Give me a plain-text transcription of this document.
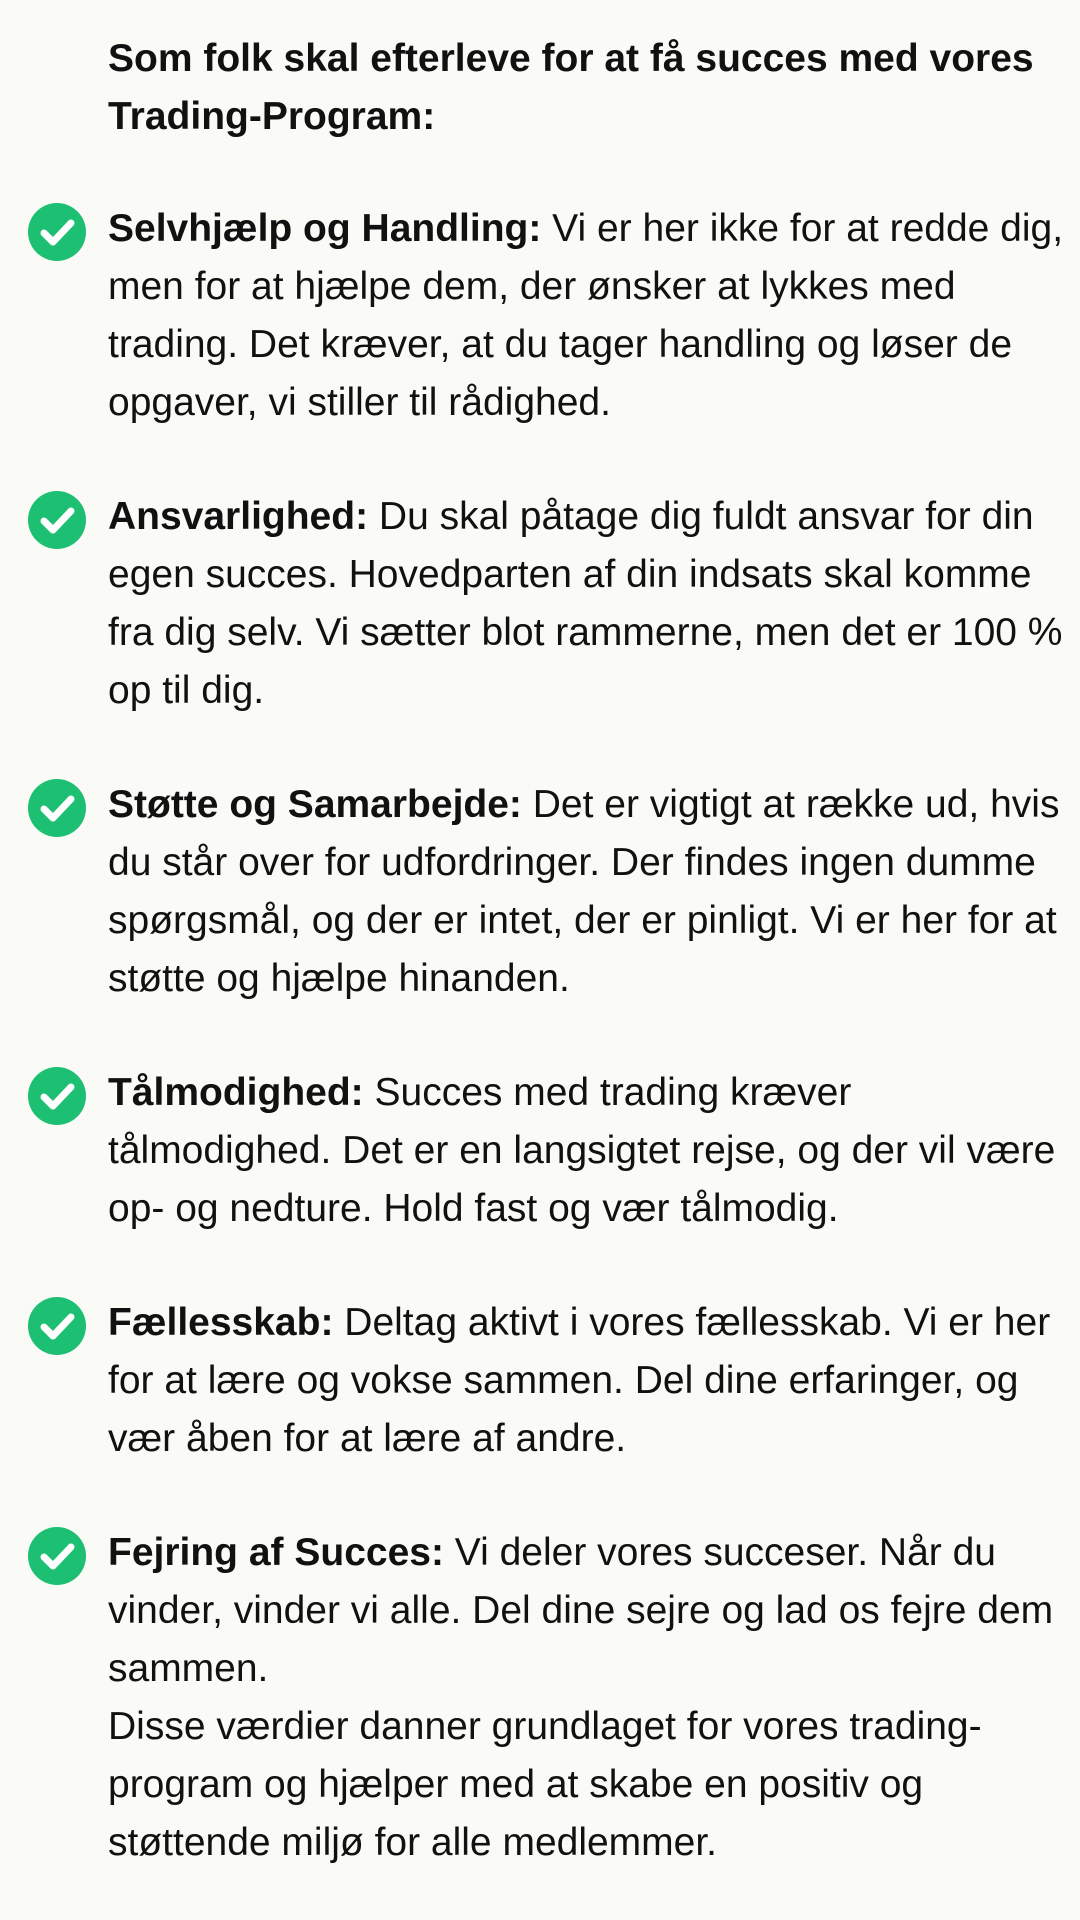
Som folk skal efterleve for at få succes med vores Trading-Program:

Selvhjælp og Handling: Vi er her ikke for at redde dig, men for at hjælpe dem, der ønsker at lykkes med trading. Det kræver, at du tager handling og løser de opgaver, vi stiller til rådighed.

Ansvarlighed: Du skal påtage dig fuldt ansvar for din egen succes. Hovedparten af din indsats skal komme fra dig selv. Vi sætter blot rammerne, men det er 100 % op til dig.

Støtte og Samarbejde: Det er vigtigt at række ud, hvis du står over for udfordringer. Der findes ingen dumme spørgsmål, og der er intet, der er pinligt. Vi er her for at støtte og hjælpe hinanden.

Tålmodighed: Succes med trading kræver tålmodighed. Det er en langsigtet rejse, og der vil være op- og nedture. Hold fast og vær tålmodig.

Fællesskab: Deltag aktivt i vores fællesskab. Vi er her for at lære og vokse sammen. Del dine erfaringer, og vær åben for at lære af andre.

Fejring af Succes: Vi deler vores succeser. Når du vinder, vinder vi alle. Del dine sejre og lad os fejre dem sammen.
Disse værdier danner grundlaget for vores trading-program og hjælper med at skabe en positiv og støttende miljø for alle medlemmer.
